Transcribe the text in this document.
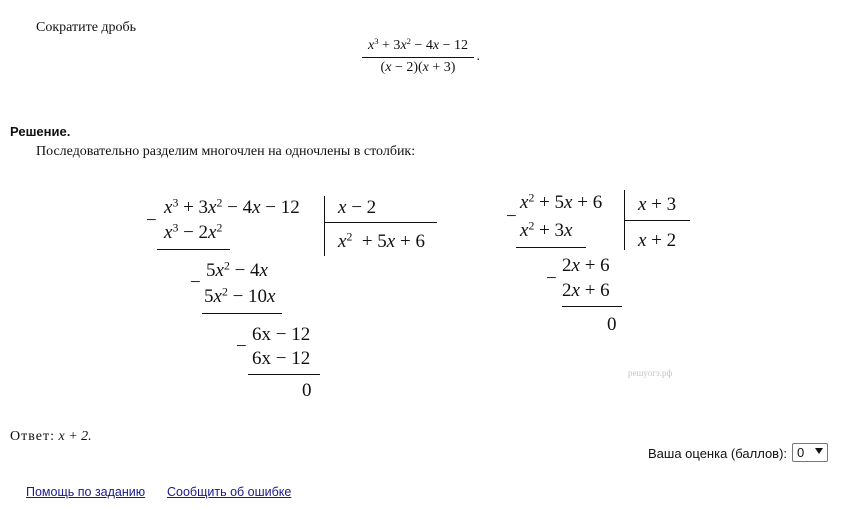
Сократите дробь
$x^3 + 3x^2 - 4x - 12$
(x − 2)(x + 3)
.
Решение.
Последовательно разделим многочлен на одночлены в столбик:
−
$x^3 + 3x^2 - 4x - 12$ x − 2
$x^2 + 5x + 6$
$x^3 - 2x^2$
−
$5x^2 - 4x$
$5x^2 - 10x$
−
6x − 12
6x − 12
0
−
$x^2 + 5x + 6$ x + 3
x + 2
$x^2 + 3x$
−
2x + 6
2x + 6
0
решуогэ.рф
Ответ: x + 2.
Ваша оценка (баллов): 0
Помощь по заданию Сообщить об ошибке
